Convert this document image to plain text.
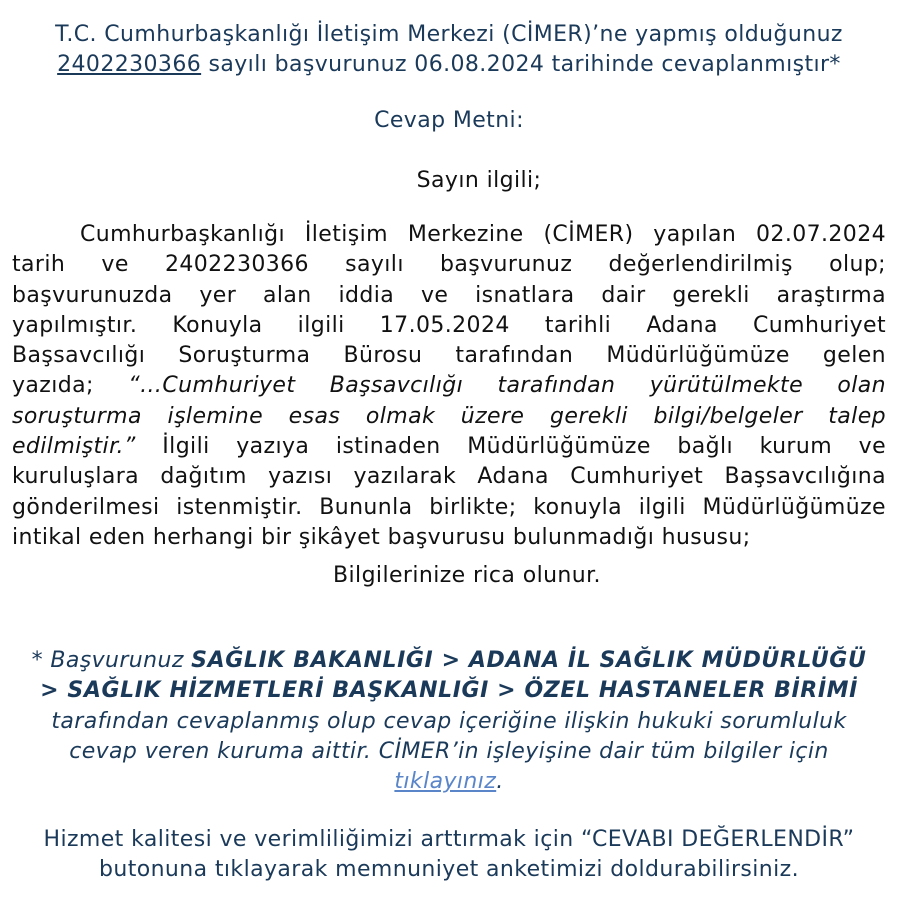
T.C. Cumhurbaşkanlığı İletişim Merkezi (CİMER)’ne yapmış olduğunuz
2402230366 sayılı başvurunuz 06.08.2024 tarihinde cevaplanmıştır*
Cevap Metni:
Sayın ilgili;
Cumhurbaşkanlığı İletişim Merkezine (CİMER) yapılan 02.07.2024
tarih ve 2402230366 sayılı başvurunuz değerlendirilmiş olup;
başvurunuzda yer alan iddia ve isnatlara dair gerekli araştırma
yapılmıştır. Konuyla ilgili 17.05.2024 tarihli Adana Cumhuriyet
Başsavcılığı Soruşturma Bürosu tarafından Müdürlüğümüze gelen
yazıda; “…Cumhuriyet Başsavcılığı tarafından yürütülmekte olan
soruşturma işlemine esas olmak üzere gerekli bilgi/belgeler talep
edilmiştir.” İlgili yazıya istinaden Müdürlüğümüze bağlı kurum ve
kuruluşlara dağıtım yazısı yazılarak Adana Cumhuriyet Başsavcılığına
gönderilmesi istenmiştir. Bununla birlikte; konuyla ilgili Müdürlüğümüze
intikal eden herhangi bir şikâyet başvurusu bulunmadığı hususu;
Bilgilerinize rica olunur.
* Başvurunuz SAĞLIK BAKANLIĞI > ADANA İL SAĞLIK MÜDÜRLÜĞÜ
> SAĞLIK HİZMETLERİ BAŞKANLIĞI > ÖZEL HASTANELER BİRİMİ
tarafından cevaplanmış olup cevap içeriğine ilişkin hukuki sorumluluk
cevap veren kuruma aittir. CİMER’in işleyişine dair tüm bilgiler için
tıklayınız.
Hizmet kalitesi ve verimliliğimizi arttırmak için “CEVABI DEĞERLENDİR”
butonuna tıklayarak memnuniyet anketimizi doldurabilirsiniz.
